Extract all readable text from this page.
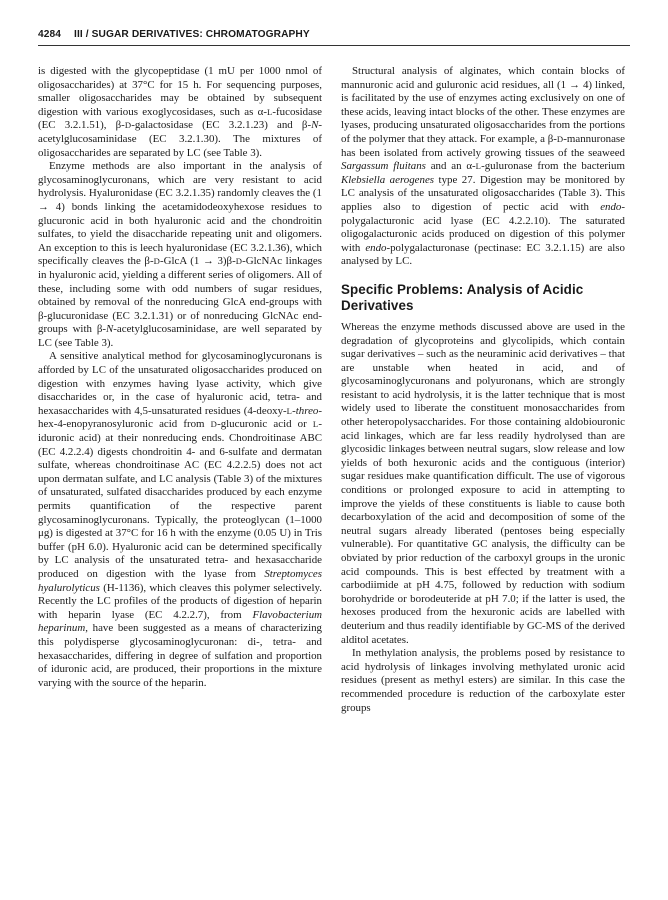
4284 III / SUGAR DERIVATIVES: CHROMATOGRAPHY

is digested with the glycopeptidase (1 mU per 1000 nmol of oligosaccharides) at 37°C for 15 h. For sequencing purposes, smaller oligosaccharides may be obtained by subsequent digestion with various exoglycosidases, such as α-L-fucosidase (EC 3.2.1.51), β-D-galactosidase (EC 3.2.1.23) and β-N-acetylglucosaminidase (EC 3.2.1.30). The mixtures of oligosaccharides are separated by LC (see Table 3).

Enzyme methods are also important in the analysis of glycosaminoglycuronans, which are very resistant to acid hydrolysis. Hyaluronidase (EC 3.2.1.35) randomly cleaves the (1 → 4) bonds linking the acetamidodeoxyhexose residues to glucuronic acid in both hyaluronic acid and the chondroitin sulfates, to yield the disaccharide repeating unit and oligomers. An exception to this is leech hyaluronidase (EC 3.2.1.36), which specifically cleaves the β-D-GlcA (1 → 3)β-D-GlcNAc linkages in hyaluronic acid, yielding a different series of oligomers. All of these, including some with odd numbers of sugar residues, obtained by removal of the nonreducing GlcA end-groups with β-glucuronidase (EC 3.2.1.31) or of nonreducing GlcNAc end-groups with β-N-acetylglucosaminidase, are well separated by LC (see Table 3).

A sensitive analytical method for glycosaminoglycuronans is afforded by LC of the unsaturated oligosaccharides produced on digestion with enzymes having lyase activity, which give disaccharides or, in the case of hyaluronic acid, tetra- and hexasaccharides with 4,5-unsaturated residues (4-deoxy-L-threo-hex-4-enopyranosyluronic acid from D-glucuronic acid or L-iduronic acid) at their nonreducing ends. Chondroitinase ABC (EC 4.2.2.4) digests chondroitin 4- and 6-sulfate and dermatan sulfate, whereas chondroitinase AC (EC 4.2.2.5) does not act upon dermatan sulfate, and LC analysis (Table 3) of the mixtures of unsaturated, sulfated disaccharides produced by each enzyme permits quantification of the respective parent glycosaminoglycuronans. Typically, the proteoglycan (1–1000 μg) is digested at 37°C for 16 h with the enzyme (0.05 U) in Tris buffer (pH 6.0). Hyaluronic acid can be determined specifically by LC analysis of the unsaturated tetra- and hexasaccharide produced on digestion with the lyase from Streptomyces hyalurolyticus (H-1136), which cleaves this polymer selectively. Recently the LC profiles of the products of digestion of heparin with heparin lyase (EC 4.2.2.7), from Flavobacterium heparinum, have been suggested as a means of characterizing this polydisperse glycosaminoglycuronan: di-, tetra- and hexasaccharides, differing in degree of sulfation and proportion of iduronic acid, are produced, their proportions in the mixture varying with the source of the heparin.

Structural analysis of alginates, which contain blocks of mannuronic acid and guluronic acid residues, all (1 → 4) linked, is facilitated by the use of enzymes acting exclusively on one of these acids, leaving intact blocks of the other. These enzymes are lyases, producing unsaturated oligosaccharides from the portions of the polymer that they attack. For example, a β-D-mannuronase has been isolated from actively growing tissues of the seaweed Sargassum fluitans and an α-L-guluronase from the bacterium Klebsiella aerogenes type 27. Digestion may be monitored by LC analysis of the unsaturated oligosaccharides (Table 3). This applies also to digestion of pectic acid with endo-polygalacturonic acid lyase (EC 4.2.2.10). The saturated oligogalacturonic acids produced on digestion of this polymer with endo-polygalacturonase (pectinase: EC 3.2.1.15) are also analysed by LC.

Specific Problems: Analysis of Acidic Derivatives

Whereas the enzyme methods discussed above are used in the degradation of glycoproteins and glycolipids, which contain sugar derivatives – such as the neuraminic acid derivatives – that are unstable when heated in acid, and of glycosaminoglycuronans and polyuronans, which are strongly resistant to acid hydrolysis, it is the latter technique that is most widely used to liberate the constituent monosaccharides from other heteropolysaccharides. For those containing aldobiouronic acid linkages, which are far less readily hydrolysed than are glycosidic linkages between neutral sugars, slow release and low yields of both hexuronic acids and the contiguous (interior) sugar residues make quantification difficult. The use of vigorous conditions or prolonged exposure to acid in attempting to improve the yields of these constituents is liable to cause both decarboxylation of the acid and decomposition of some of the neutral sugars already liberated (pentoses being especially vulnerable). For quantitative GC analysis, the difficulty can be obviated by prior reduction of the carboxyl groups in the uronic acid compounds. This is best effected by treatment with a carbodiimide at pH 4.75, followed by reduction with sodium borohydride or borodeuteride at pH 7.0; if the latter is used, the hexoses produced from the hexuronic acids are labelled with deuterium and thus readily identifiable by GC-MS of the derived alditol acetates.

In methylation analysis, the problems posed by resistance to acid hydrolysis of linkages involving methylated uronic acid residues (present as methyl esters) are similar. In this case the recommended procedure is reduction of the carboxylate ester groups
